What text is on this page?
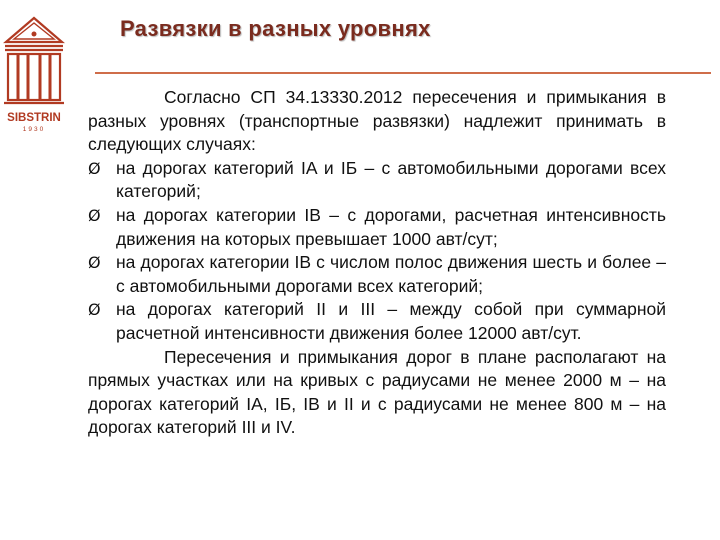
SIBSTRIN
1930
Развязки в разных уровнях

Согласно СП 34.13330.2012 пересечения и примыкания в разных уровнях (транспортные развязки) надлежит принимать в следующих случаях:

Ø на дорогах категорий IA и IБ – с автомобильными дорогами всех категорий;
Ø на дорогах категории IB – с дорогами, расчетная интенсивность движения на которых превышает 1000 авт/сут;
Ø на дорогах категории IB с числом полос движения шесть и более – с автомобильными дорогами всех категорий;
Ø на дорогах категорий II и III – между собой при суммарной расчетной интенсивности движения более 12000 авт/сут.

Пересечения и примыкания дорог в плане располагают на прямых участках или на кривых с радиусами не менее 2000 м – на дорогах категорий IA, IБ, IB и II и с радиусами не менее 800 м – на дорогах категорий III и IV.
